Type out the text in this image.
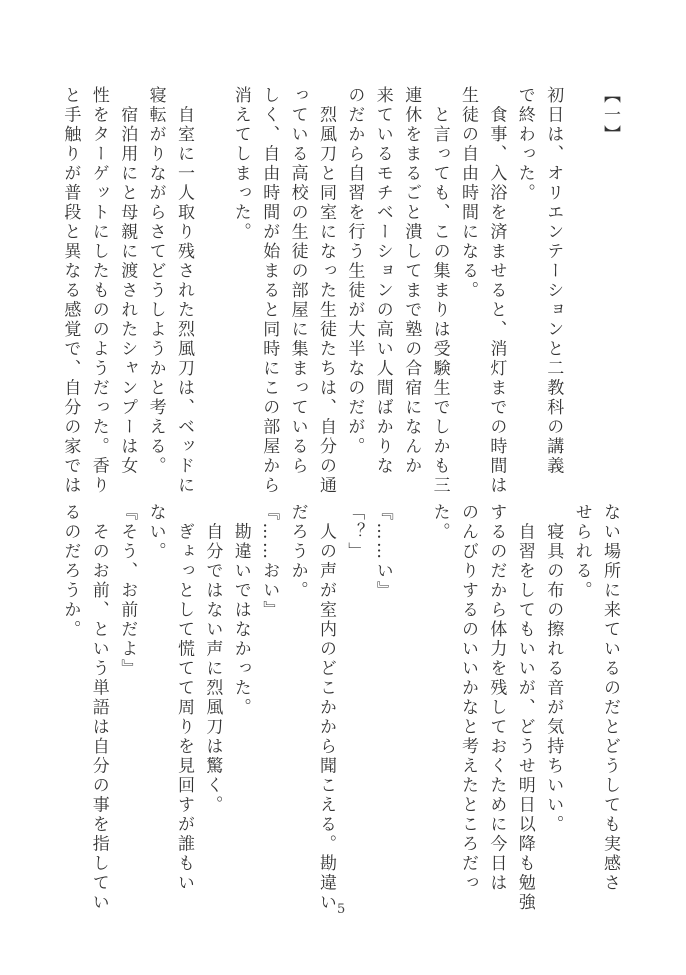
【一】
初日は、オリエンテーションと二教科の講義
で終わった。
　食事、入浴を済ませると、消灯までの時間は
生徒の自由時間になる。
　と言っても、この集まりは受験生でしかも三
連休をまるごと潰してまで塾の合宿になんか
来ているモチベーションの高い人間ばかりな
のだから自習を行う生徒が大半なのだが。
　烈風刀と同室になった生徒たちは、自分の通
っている高校の生徒の部屋に集まっているら
しく、自由時間が始まると同時にこの部屋から
消えてしまった。
　自室に一人取り残された烈風刀は、ベッドに
寝転がりながらさてどうしようかと考える。
　宿泊用にと母親に渡されたシャンプーは女
性をターゲットにしたもののようだった。香り
と手触りが普段と異なる感覚で、自分の家では
ない場所に来ているのだとどうしても実感さ
せられる。
　寝具の布の擦れる音が気持ちいい。
　自習をしてもいいが、どうせ明日以降も勉強
するのだから体力を残しておくために今日は
のんびりするのいいかなと考えたところだっ
た。
『……い』
「？」
　人の声が室内のどこかから聞こえる。勘違い
だろうか。
『……おい』
　勘違いではなかった。
　自分ではない声に烈風刀は驚く。
　ぎょっとして慌てて周りを見回すが誰もい
ない。
『そう、お前だよ』
　そのお前、という単語は自分の事を指してい
るのだろうか。
5
